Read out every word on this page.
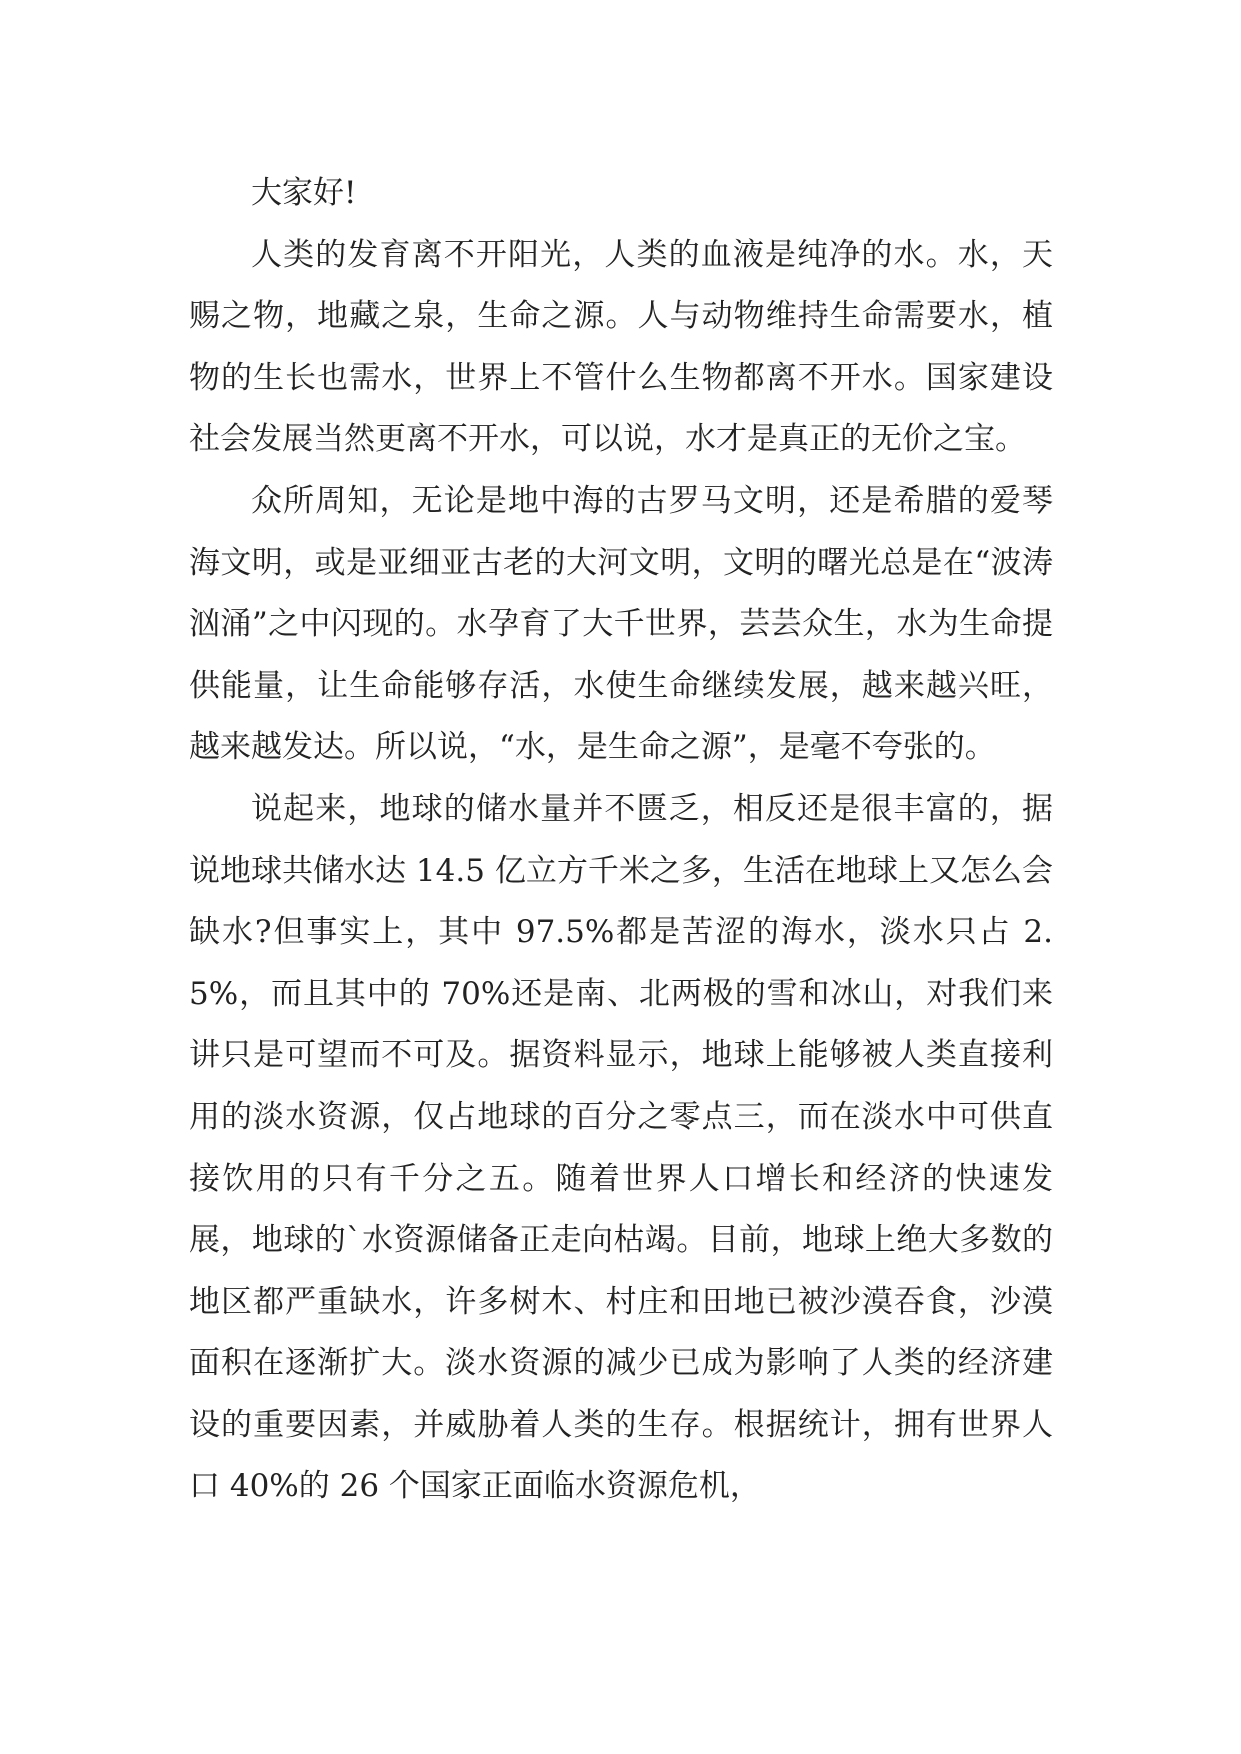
大家好!

人类的发育离不开阳光，人类的血液是纯净的水。水，天赐之物，地藏之泉，生命之源。人与动物维持生命需要水，植物的生长也需水，世界上不管什么生物都离不开水。国家建设社会发展当然更离不开水，可以说，水才是真正的无价之宝。

众所周知，无论是地中海的古罗马文明，还是希腊的爱琴海文明，或是亚细亚古老的大河文明，文明的曙光总是在“波涛汹涌”之中闪现的。水孕育了大千世界，芸芸众生，水为生命提供能量，让生命能够存活，水使生命继续发展，越来越兴旺，越来越发达。所以说，“水，是生命之源”，是毫不夸张的。

说起来，地球的储水量并不匮乏，相反还是很丰富的，据说地球共储水达 14.5 亿立方千米之多，生活在地球上又怎么会缺水?但事实上，其中 97.5%都是苦涩的海水，淡水只占 2.5%，而且其中的 70%还是南、北两极的雪和冰山，对我们来讲只是可望而不可及。据资料显示，地球上能够被人类直接利用的淡水资源，仅占地球的百分之零点三，而在淡水中可供直接饮用的只有千分之五。随着世界人口增长和经济的快速发展，地球的`水资源储备正走向枯竭。目前，地球上绝大多数的地区都严重缺水，许多树木、村庄和田地已被沙漠吞食，沙漠面积在逐渐扩大。淡水资源的减少已成为影响了人类的经济建设的重要因素，并威胁着人类的生存。根据统计，拥有世界人口 40%的 26 个国家正面临水资源危机，
